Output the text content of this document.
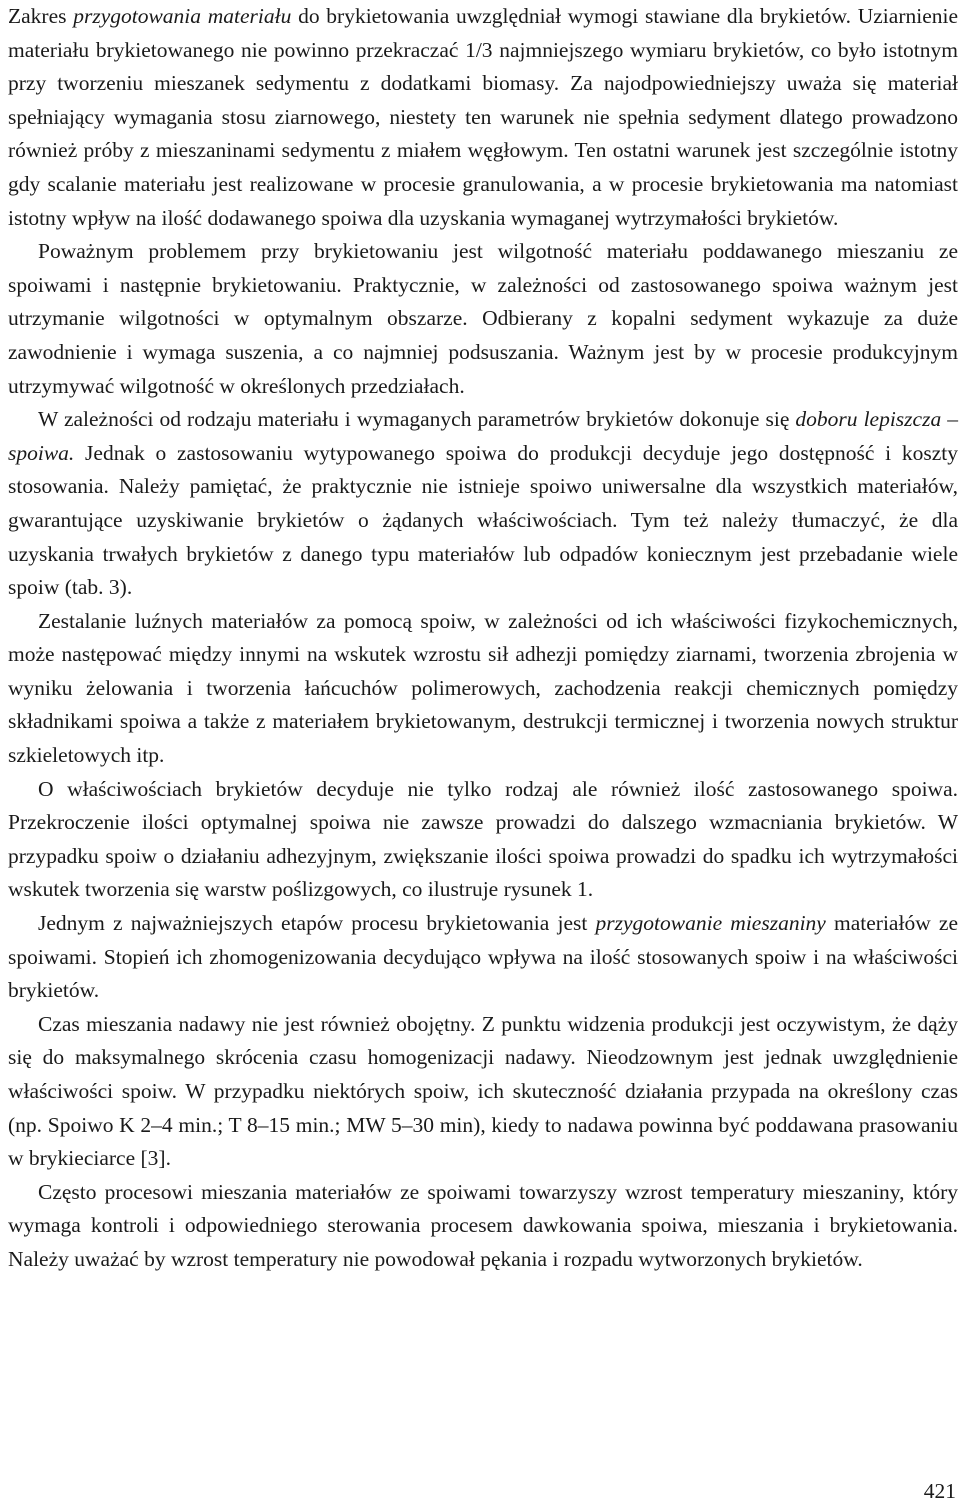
Zakres przygotowania materiału do brykietowania uwzględniał wymogi stawiane dla brykietów. Uziarnienie materiału brykietowanego nie powinno przekraczać 1/3 najmniejszego wymiaru brykietów, co było istotnym przy tworzeniu mieszanek sedymentu z dodatkami biomasy. Za najodpowiedniejszy uważa się materiał spełniający wymagania stosu ziarnowego, niestety ten warunek nie spełnia sedyment dlatego prowadzono również próby z mieszaninami sedymentu z miałem węgłowym. Ten ostatni warunek jest szczególnie istotny gdy scalanie materiału jest realizowane w procesie granulowania, a w procesie brykietowania ma natomiast istotny wpływ na ilość dodawanego spoiwa dla uzyskania wymaganej wytrzymałości brykietów.

Poważnym problemem przy brykietowaniu jest wilgotność materiału poddawanego mieszaniu ze spoiwami i następnie brykietowaniu. Praktycznie, w zależności od zastosowanego spoiwa ważnym jest utrzymanie wilgotności w optymalnym obszarze. Odbierany z kopalni sedyment wykazuje za duże zawodnienie i wymaga suszenia, a co najmniej podsuszania. Ważnym jest by w procesie produkcyjnym utrzymywać wilgotność w określonych przedziałach.

W zależności od rodzaju materiału i wymaganych parametrów brykietów dokonuje się doboru lepiszcza – spoiwa. Jednak o zastosowaniu wytypowanego spoiwa do produkcji decyduje jego dostępność i koszty stosowania. Należy pamiętać, że praktycznie nie istnieje spoiwo uniwersalne dla wszystkich materiałów, gwarantujące uzyskiwanie brykietów o żądanych właściwościach. Tym też należy tłumaczyć, że dla uzyskania trwałych brykietów z danego typu materiałów lub odpadów koniecznym jest przebadanie wiele spoiw (tab. 3).

Zestalanie luźnych materiałów za pomocą spoiw, w zależności od ich właściwości fizykochemicznych, może następować między innymi na wskutek wzrostu sił adhezji pomiędzy ziarnami, tworzenia zbrojenia w wyniku żelowania i tworzenia łańcuchów polimerowych, zachodzenia reakcji chemicznych pomiędzy składnikami spoiwa a także z materiałem brykietowanym, destrukcji termicznej i tworzenia nowych struktur szkieletowych itp.

O właściwościach brykietów decyduje nie tylko rodzaj ale również ilość zastosowanego spoiwa. Przekroczenie ilości optymalnej spoiwa nie zawsze prowadzi do dalszego wzmacniania brykietów. W przypadku spoiw o działaniu adhezyjnym, zwiększanie ilości spoiwa prowadzi do spadku ich wytrzymałości wskutek tworzenia się warstw poślizgowych, co ilustruje rysunek 1.

Jednym z najważniejszych etapów procesu brykietowania jest przygotowanie mieszaniny materiałów ze spoiwami. Stopień ich zhomogenizowania decydująco wpływa na ilość stosowanych spoiw i na właściwości brykietów.

Czas mieszania nadawy nie jest również obojętny. Z punktu widzenia produkcji jest oczywistym, że dąży się do maksymalnego skrócenia czasu homogenizacji nadawy. Nieodzownym jest jednak uwzględnienie właściwości spoiw. W przypadku niektórych spoiw, ich skuteczność działania przypada na określony czas (np. Spoiwo K 2–4 min.; T 8–15 min.; MW 5–30 min), kiedy to nadawa powinna być poddawana prasowaniu w brykieciarce [3].

Często procesowi mieszania materiałów ze spoiwami towarzyszy wzrost temperatury mieszaniny, który wymaga kontroli i odpowiedniego sterowania procesem dawkowania spoiwa, mieszania i brykietowania. Należy uważać by wzrost temperatury nie powodował pękania i rozpadu wytworzonych brykietów.

421
